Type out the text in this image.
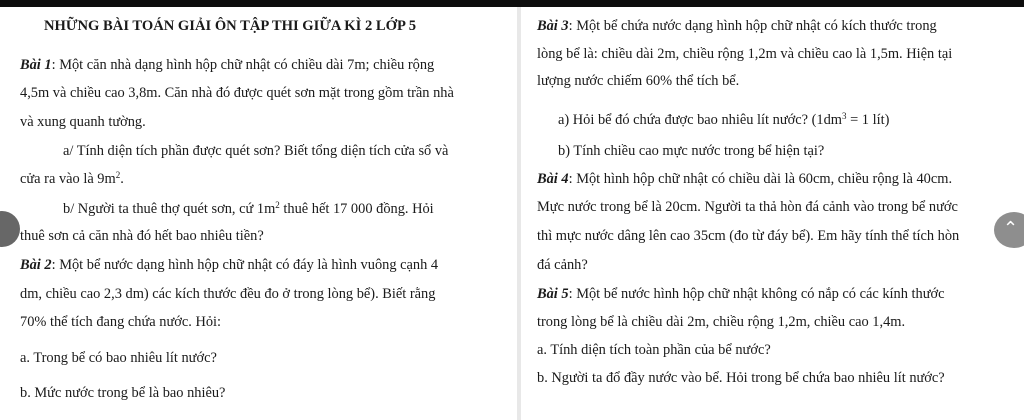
NHỮNG BÀI TOÁN GIẢI ÔN TẬP THI GIỮA KÌ 2 LỚP 5
Bài 1: Một căn nhà dạng hình hộp chữ nhật có chiều dài 7m; chiều rộng
4,5m và chiều cao 3,8m. Căn nhà đó được quét sơn mặt trong gồm trần nhà
và xung quanh tường.
a/ Tính diện tích phần được quét sơn? Biết tổng diện tích cửa sổ và
cửa ra vào là $9m^2$.
b/ Người ta thuê thợ quét sơn, cứ $1m^2$ thuê hết 17 000 đồng. Hỏi
thuê sơn cả căn nhà đó hết bao nhiêu tiền?
Bài 2: Một bể nước dạng hình hộp chữ nhật có đáy là hình vuông cạnh 4
dm, chiều cao 2,3 dm) các kích thước đều đo ở trong lòng bể). Biết rằng
70% thể tích đang chứa nước. Hỏi:
a. Trong bể có bao nhiêu lít nước?
b. Mức nước trong bể là bao nhiêu?
Bài 3: Một bể chứa nước dạng hình hộp chữ nhật có kích thước trong
lòng bể là: chiều dài 2m, chiều rộng 1,2m và chiều cao là 1,5m. Hiện tại
lượng nước chiếm 60% thể tích bể.
a) Hỏi bể đó chứa được bao nhiêu lít nước? ($1dm^3 = 1$ lít)
b) Tính chiều cao mực nước trong bể hiện tại?
Bài 4: Một hình hộp chữ nhật có chiều dài là 60cm, chiều rộng là 40cm.
Mực nước trong bể là 20cm. Người ta thả hòn đá cảnh vào trong bể nước
thì mực nước dâng lên cao 35cm (đo từ đáy bể). Em hãy tính thể tích hòn
đá cảnh?
Bài 5: Một bể nước hình hộp chữ nhật không có nắp có các kính thước
trong lòng bể là chiều dài 2m, chiều rộng 1,2m, chiều cao 1,4m.
a. Tính diện tích toàn phần của bể nước?
b. Người ta đổ đầy nước vào bể. Hỏi trong bể chứa bao nhiêu lít nước?
⌃
